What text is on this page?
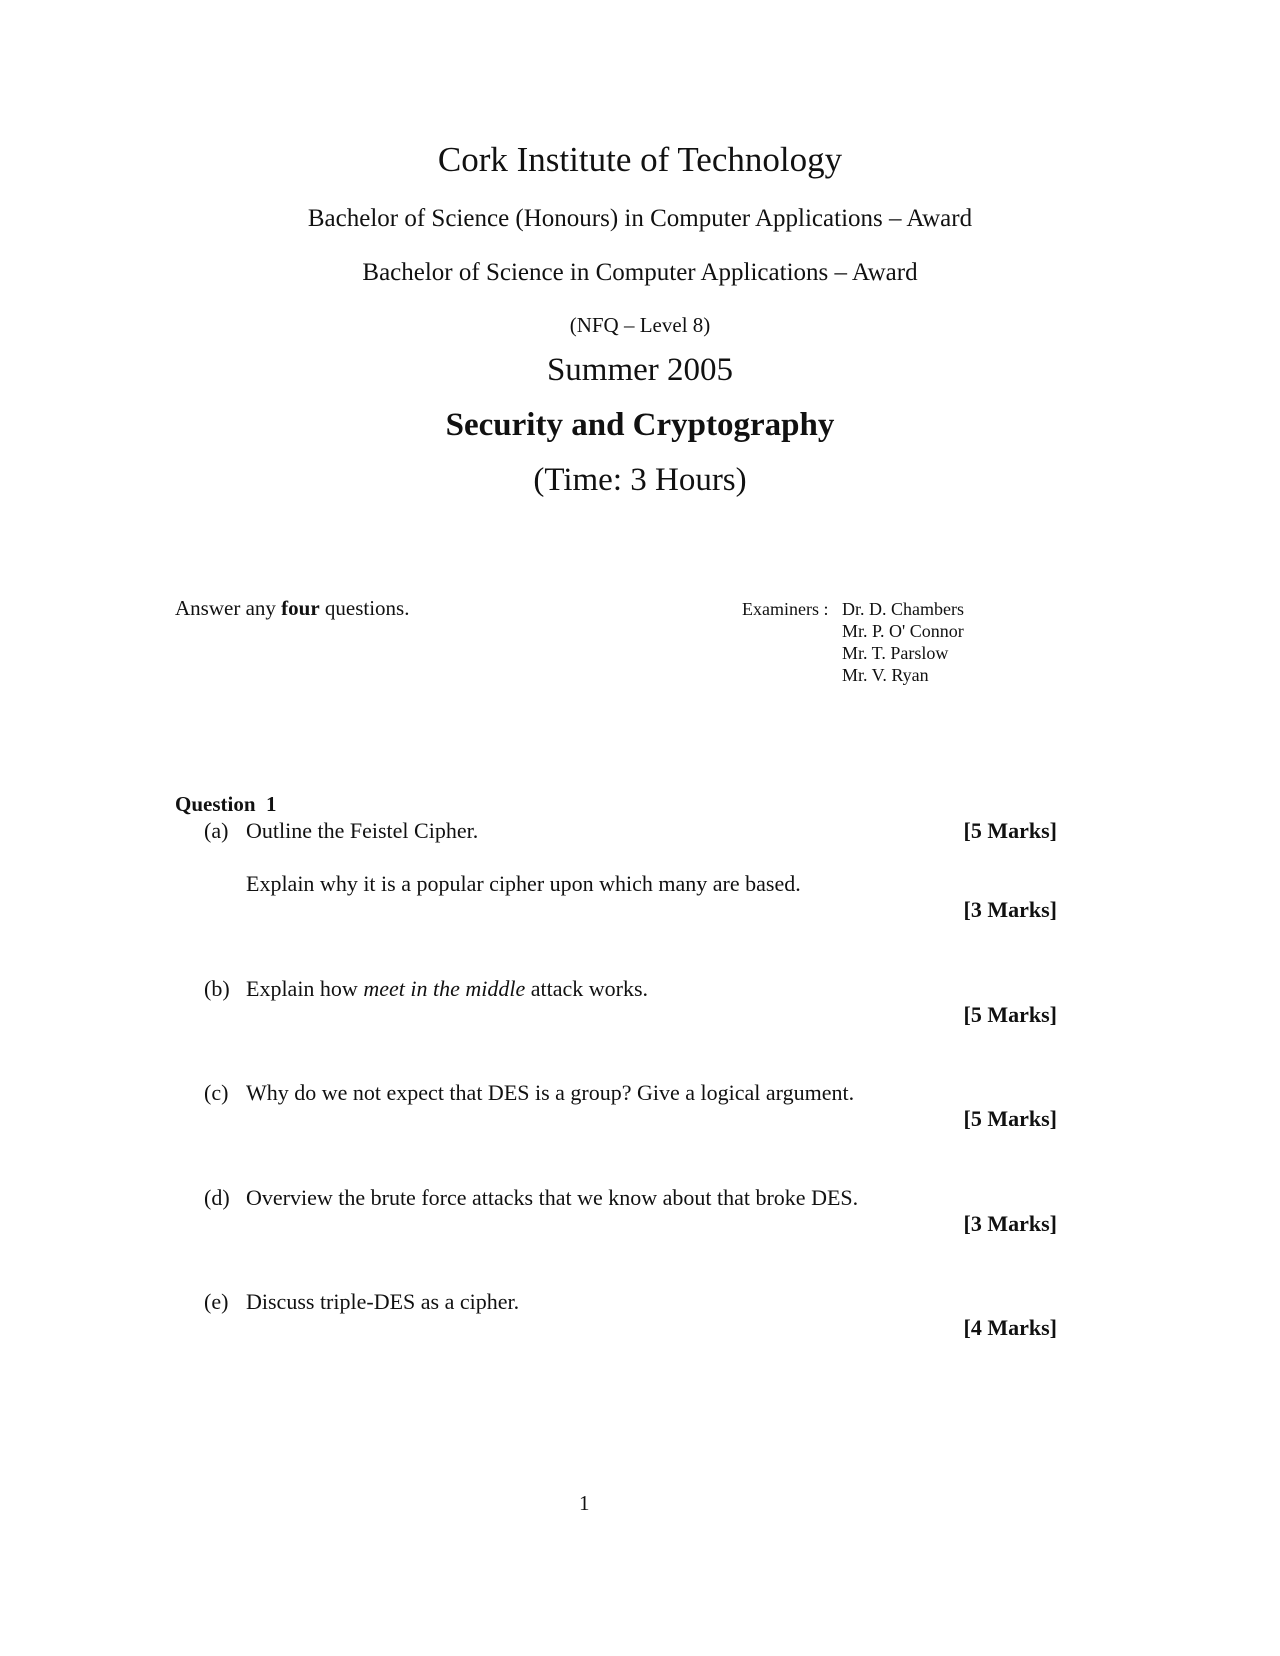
Cork Institute of Technology
Bachelor of Science (Honours) in Computer Applications – Award
Bachelor of Science in Computer Applications – Award
(NFQ – Level 8)
Summer 2005
Security and Cryptography
(Time: 3 Hours)
Answer any four questions.	Examiners : Dr. D. Chambers
Mr. P. O' Connor
Mr. T. Parslow
Mr. V. Ryan
Question  1
(a) Outline the Feistel Cipher.	[5 Marks]
Explain why it is a popular cipher upon which many are based.
[3 Marks]
(b) Explain how meet in the middle attack works.
[5 Marks]
(c) Why do we not expect that DES is a group? Give a logical argument.
[5 Marks]
(d) Overview the brute force attacks that we know about that broke DES.
[3 Marks]
(e) Discuss triple-DES as a cipher.
[4 Marks]
1
